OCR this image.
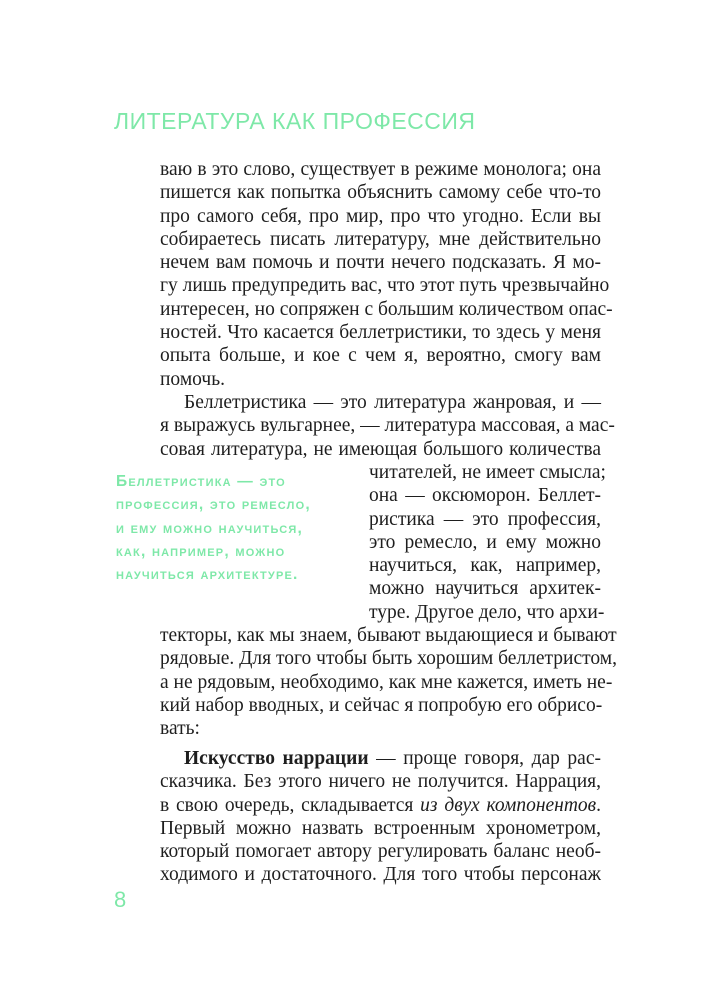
ЛИТЕРАТУРА КАК ПРОФЕССИЯ
ваю в это слово, существует в режиме монолога; она
пишется как попытка объяснить самому себе что-то
про самого себя, про мир, про что угодно. Если вы
собираетесь писать литературу, мне действительно
нечем вам помочь и почти нечего подсказать. Я мо-
гу лишь предупредить вас, что этот путь чрезвычайно
интересен, но сопряжен с большим количеством опас-
ностей. Что касается беллетристики, то здесь у меня
опыта больше, и кое с чем я, вероятно, смогу вам
помочь.
Беллетристика — это литература жанровая, и —
я выражусь вульгарнее, — литература массовая, а мас-
совая литература, не имеющая большого количества
читателей, не имеет смысла;
она — оксюморон. Беллет-
ристика — это профессия,
это ремесло, и ему можно
научиться, как, например,
можно научиться архитек-
туре. Другое дело, что архи-
Беллетристика — это
профессия, это ремесло,
и ему можно научиться,
как, например, можно
научиться архитектуре.
текторы, как мы знаем, бывают выдающиеся и бывают
рядовые. Для того чтобы быть хорошим беллетристом,
а не рядовым, необходимо, как мне кажется, иметь не-
кий набор вводных, и сейчас я попробую его обрисо-
вать:
Искусство наррации — проще говоря, дар рас-
сказчика. Без этого ничего не получится. Наррация,
в свою очередь, складывается из двух компонентов.
Первый можно назвать встроенным хронометром,
который помогает автору регулировать баланс необ-
ходимого и достаточного. Для того чтобы персонаж
8
